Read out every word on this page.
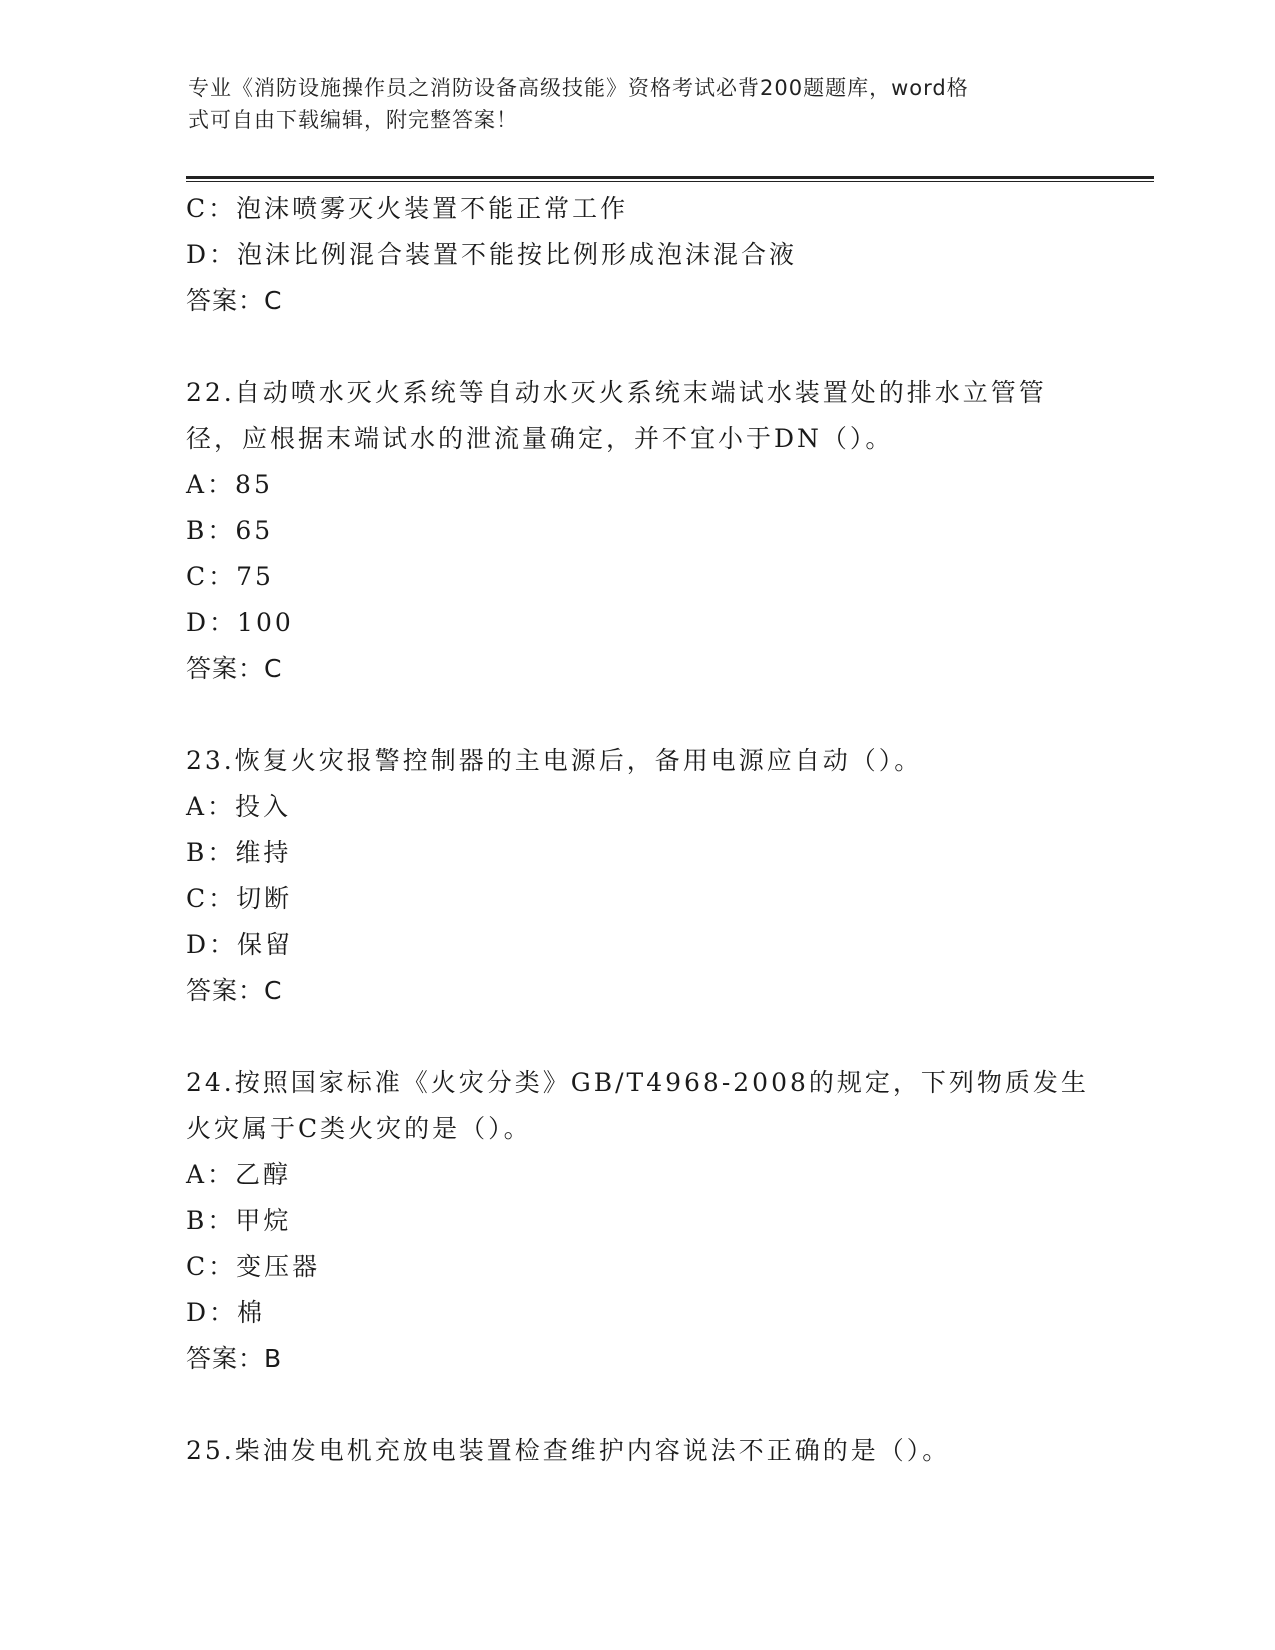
专业《消防设施操作员之消防设备高级技能》资格考试必背200题题库，word格
式可自由下载编辑，附完整答案！
C：泡沫喷雾灭火装置不能正常工作
D：泡沫比例混合装置不能按比例形成泡沫混合液
答案：C
22.自动喷水灭火系统等自动水灭火系统末端试水装置处的排水立管管
径，应根据末端试水的泄流量确定，并不宜小于DN（）。
A：85
B：65
C：75
D：100
答案：C
23.恢复火灾报警控制器的主电源后，备用电源应自动（）。
A：投入
B：维持
C：切断
D：保留
答案：C
24.按照国家标准《火灾分类》GB/T4968-2008的规定，下列物质发生
火灾属于C类火灾的是（）。
A：乙醇
B：甲烷
C：变压器
D：棉
答案：B
25.柴油发电机充放电装置检查维护内容说法不正确的是（）。
